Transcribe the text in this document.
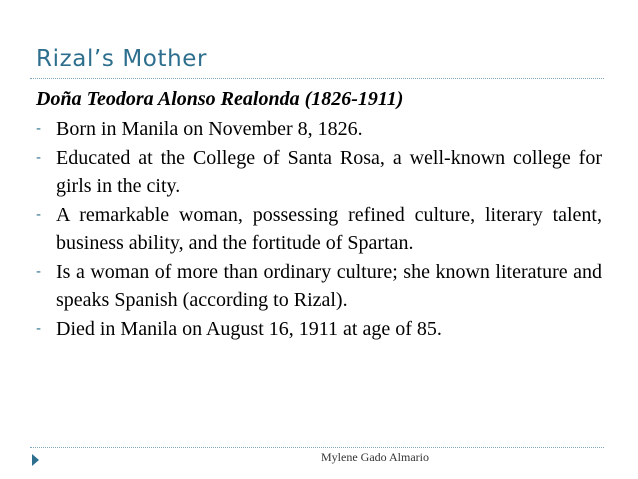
Rizal’s Mother
Doña Teodora Alonso Realonda (1826-1911)
- Born in Manila on November 8, 1826.
- Educated at the College of Santa Rosa, a well-known college for girls in the city.
- A remarkable woman, possessing refined culture, literary talent, business ability, and the fortitude of Spartan.
- Is a woman of more than ordinary culture; she known literature and speaks Spanish (according to Rizal).
- Died in Manila on August 16, 1911 at age of 85.
Mylene Gado Almario
